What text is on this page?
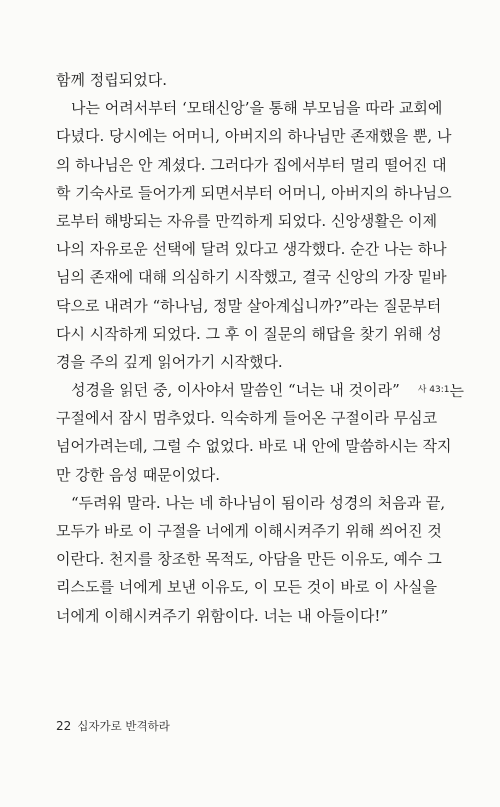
함께 정립되었다.
나는 어려서부터 ‘모태신앙’을 통해 부모님을 따라 교회에
다녔다. 당시에는 어머니, 아버지의 하나님만 존재했을 뿐, 나
의 하나님은 안 계셨다. 그러다가 집에서부터 멀리 떨어진 대
학 기숙사로 들어가게 되면서부터 어머니, 아버지의 하나님으
로부터 해방되는 자유를 만끽하게 되었다. 신앙생활은 이제
나의 자유로운 선택에 달려 있다고 생각했다. 순간 나는 하나
님의 존재에 대해 의심하기 시작했고, 결국 신앙의 가장 밑바
닥으로 내려가 “하나님, 정말 살아계십니까?”라는 질문부터
다시 시작하게 되었다. 그 후 이 질문의 해답을 찾기 위해 성
경을 주의 깊게 읽어가기 시작했다.
성경을 읽던 중, 이사야서 말씀인 “너는 내 것이라” $^{사 43:1}$는
구절에서 잠시 멈추었다. 익숙하게 들어온 구절이라 무심코
넘어가려는데, 그럴 수 없었다. 바로 내 안에 말씀하시는 작지
만 강한 음성 때문이었다.
“두려워 말라. 나는 네 하나님이 됨이라 성경의 처음과 끝,
모두가 바로 이 구절을 너에게 이해시켜주기 위해 씌어진 것
이란다. 천지를 창조한 목적도, 아담을 만든 이유도, 예수 그
리스도를 너에게 보낸 이유도, 이 모든 것이 바로 이 사실을
너에게 이해시켜주기 위함이다. 너는 내 아들이다!”
22 십자가로 반격하라
